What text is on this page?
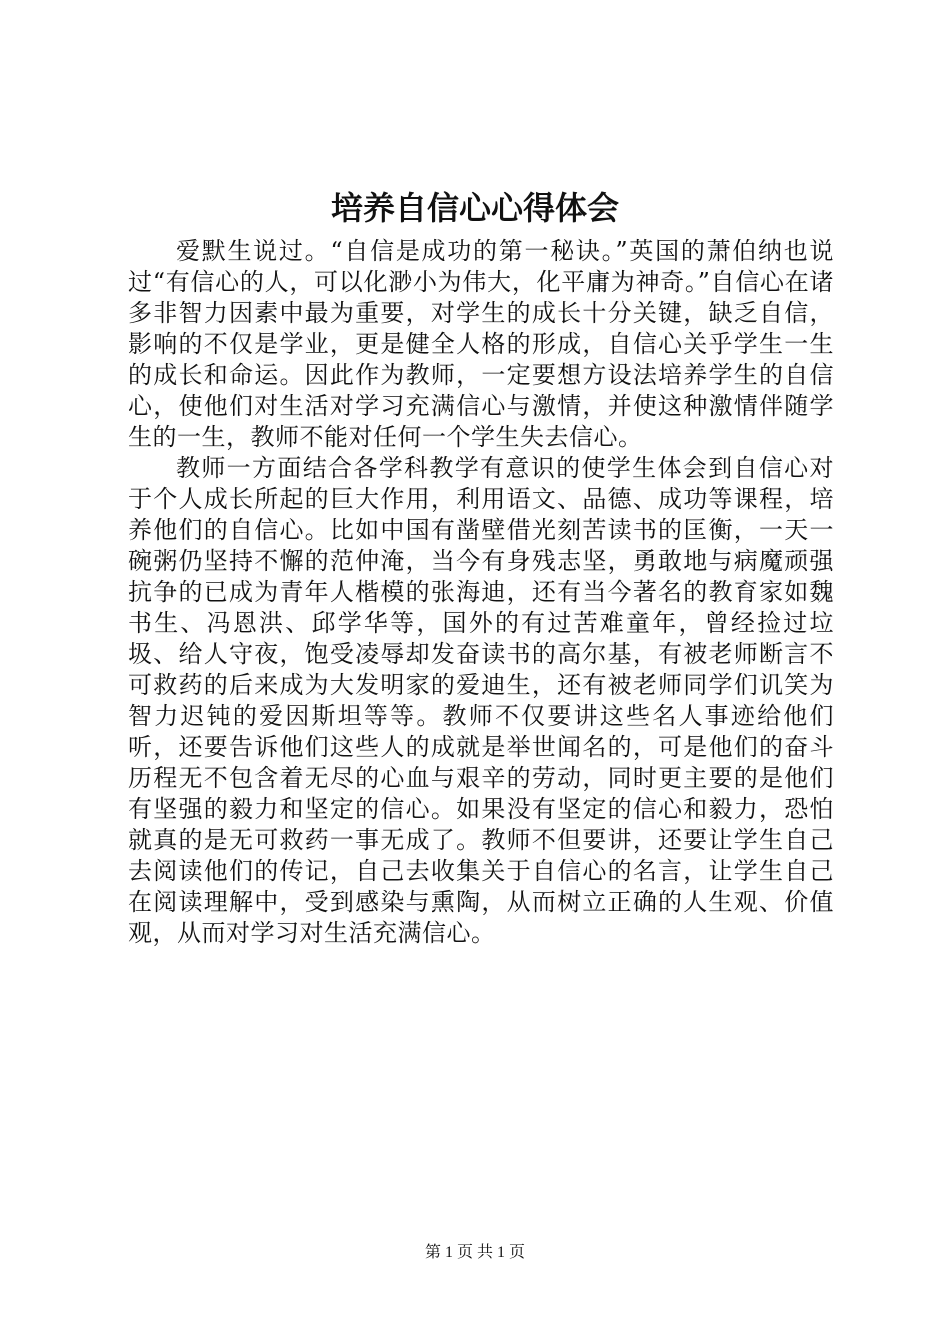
培养自信心心得体会

爱默生说过。“自信是成功的第一秘诀。”英国的萧伯纳也说过“有信心的人，可以化渺小为伟大，化平庸为神奇。”自信心在诸多非智力因素中最为重要，对学生的成长十分关键，缺乏自信，影响的不仅是学业，更是健全人格的形成，自信心关乎学生一生的成长和命运。因此作为教师，一定要想方设法培养学生的自信心，使他们对生活对学习充满信心与激情，并使这种激情伴随学生的一生，教师不能对任何一个学生失去信心。

教师一方面结合各学科教学有意识的使学生体会到自信心对于个人成长所起的巨大作用，利用语文、品德、成功等课程，培养他们的自信心。比如中国有凿壁借光刻苦读书的匡衡，一天一碗粥仍坚持不懈的范仲淹，当今有身残志坚，勇敢地与病魔顽强抗争的已成为青年人楷模的张海迪，还有当今著名的教育家如魏书生、冯恩洪、邱学华等，国外的有过苦难童年，曾经捡过垃圾、给人守夜，饱受凌辱却发奋读书的高尔基，有被老师断言不可救药的后来成为大发明家的爱迪生，还有被老师同学们讥笑为智力迟钝的爱因斯坦等等。教师不仅要讲这些名人事迹给他们听，还要告诉他们这些人的成就是举世闻名的，可是他们的奋斗历程无不包含着无尽的心血与艰辛的劳动，同时更主要的是他们有坚强的毅力和坚定的信心。如果没有坚定的信心和毅力，恐怕就真的是无可救药一事无成了。教师不但要讲，还要让学生自己去阅读他们的传记，自己去收集关于自信心的名言，让学生自己在阅读理解中，受到感染与熏陶，从而树立正确的人生观、价值观，从而对学习对生活充满信心。

第 1 页 共 1 页
